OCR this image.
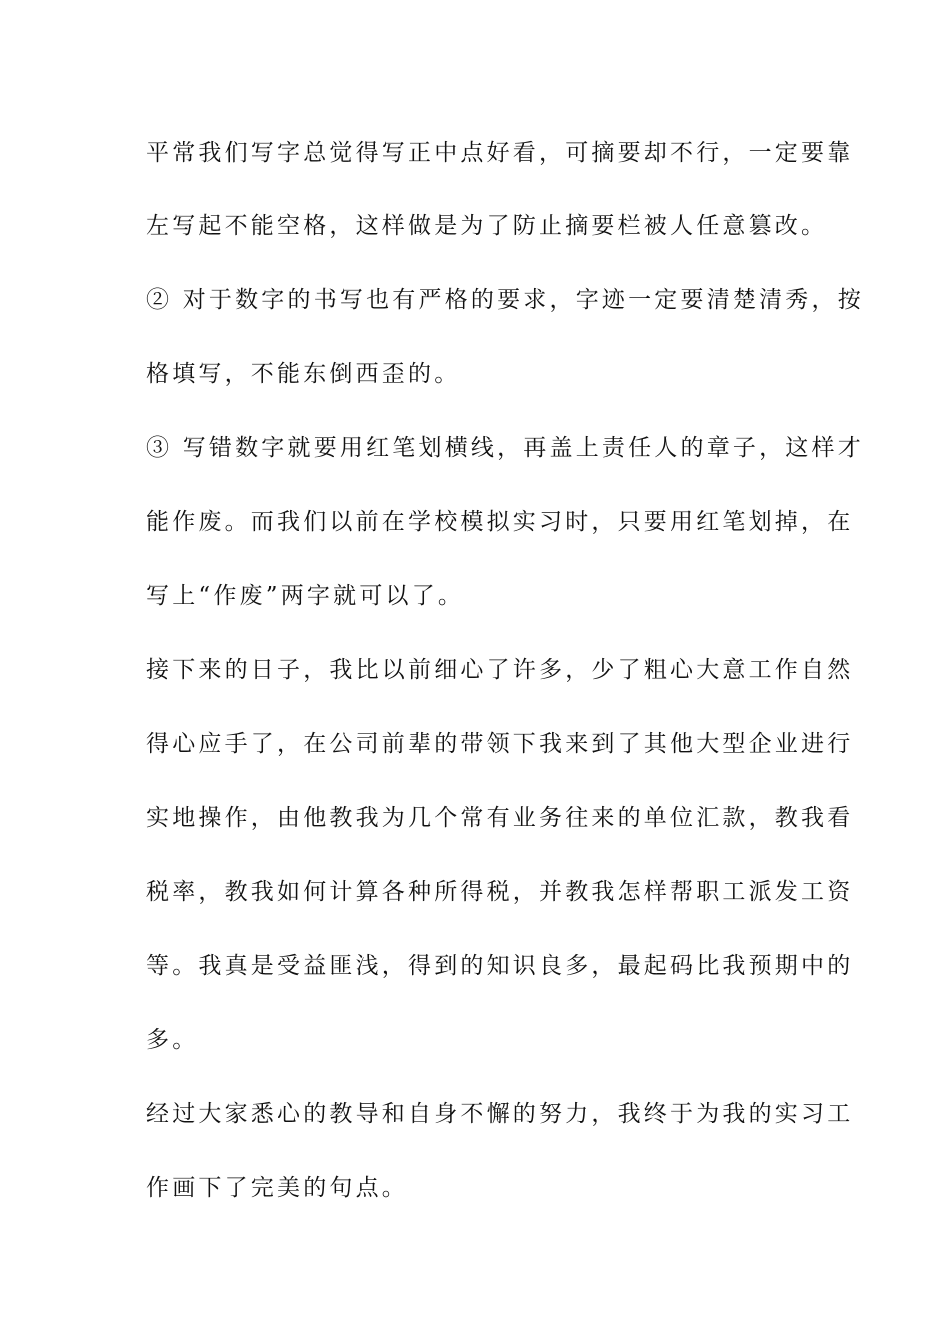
平常我们写字总觉得写正中点好看，可摘要却不行，一定要靠
左写起不能空格，这样做是为了防止摘要栏被人任意篡改。
② 对于数字的书写也有严格的要求，字迹一定要清楚清秀，按
格填写，不能东倒西歪的。
③ 写错数字就要用红笔划横线，再盖上责任人的章子，这样才
能作废。而我们以前在学校模拟实习时，只要用红笔划掉，在
写上“作废”两字就可以了。
接下来的日子，我比以前细心了许多，少了粗心大意工作自然
得心应手了，在公司前辈的带领下我来到了其他大型企业进行
实地操作，由他教我为几个常有业务往来的单位汇款，教我看
税率，教我如何计算各种所得税，并教我怎样帮职工派发工资
等。我真是受益匪浅，得到的知识良多，最起码比我预期中的
多。
经过大家悉心的教导和自身不懈的努力，我终于为我的实习工
作画下了完美的句点。
